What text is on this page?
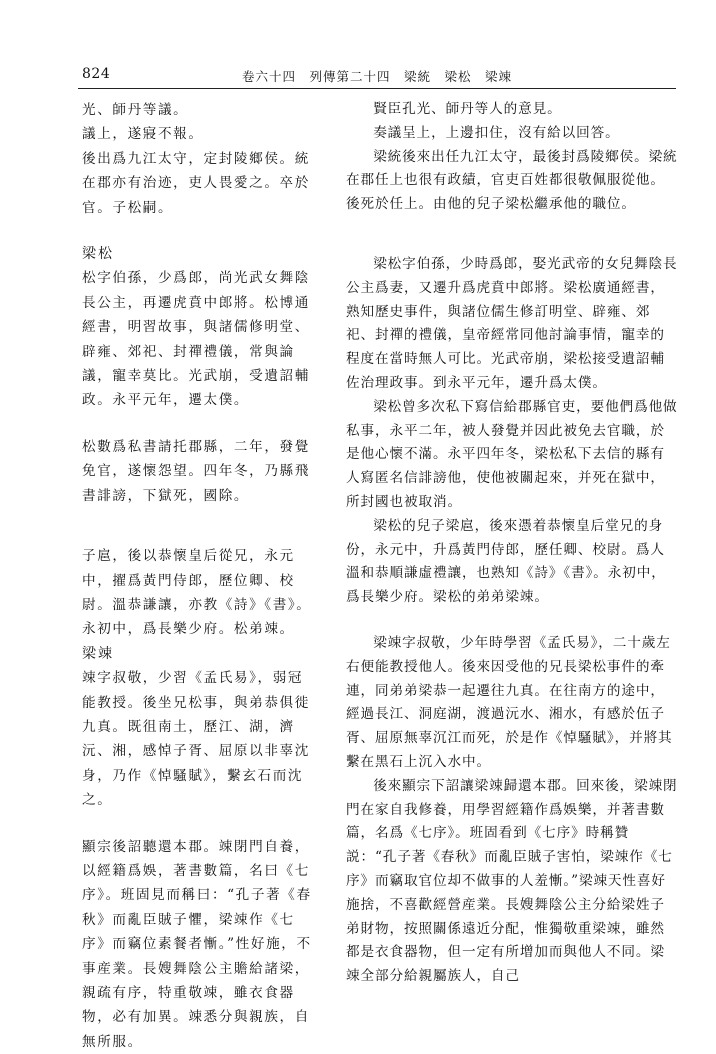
824	卷六十四　列傳第二十四　梁統　梁松　梁竦

光、師丹等議。

議上，遂寢不報。

後出爲九江太守，定封陵鄉侯。統在郡亦有治迹，吏人畏愛之。卒於官。子松嗣。

梁松

松字伯孫，少爲郎，尚光武女舞陰長公主，再遷虎賁中郎將。松博通經書，明習故事，與諸儒修明堂、辟雍、郊祀、封禪禮儀，常與論議，寵幸莫比。光武崩，受遺詔輔政。永平元年，遷太僕。

松數爲私書請托郡縣，二年，發覺免官，遂懷怨望。四年冬，乃縣飛書誹謗，下獄死，國除。

子扈，後以恭懷皇后從兄，永元中，擢爲黃門侍郎，歷位卿、校尉。溫恭謙讓，亦教《詩》《書》。永初中，爲長樂少府。松弟竦。

梁竦

竦字叔敬，少習《孟氏易》，弱冠能教授。後坐兄松事，與弟恭俱徙九真。既徂南土，歷江、湖，濟沅、湘，感悼子胥、屈原以非辜沈身，乃作《悼騷賦》，繫玄石而沈之。

顯宗後詔聽還本郡。竦閉門自養，以經籍爲娛，著書數篇，名曰《七序》。班固見而稱曰：“孔子著《春秋》而亂臣賊子懼，梁竦作《七序》而竊位素餐者慚。”性好施，不事産業。長嫂舞陰公主贍給諸梁，親疏有序，特重敬竦，雖衣食器物，必有加異。竦悉分與親族，自無所服。

賢臣孔光、師丹等人的意見。

奏議呈上，上邊扣住，沒有給以回答。

梁統後來出任九江太守，最後封爲陵鄉侯。梁統在郡任上也很有政績，官吏百姓都很敬佩服從他。後死於任上。由他的兒子梁松繼承他的職位。

梁松字伯孫，少時爲郎，娶光武帝的女兒舞陰長公主爲妻，又遷升爲虎賁中郎將。梁松廣通經書，熟知歷史事件，與諸位儒生修訂明堂、辟雍、郊祀、封禪的禮儀，皇帝經常同他討論事情，寵幸的程度在當時無人可比。光武帝崩，梁松接受遺詔輔佐治理政事。到永平元年，遷升爲太僕。

梁松曾多次私下寫信給郡縣官吏，要他們爲他做私事，永平二年，被人發覺并因此被免去官職，於是他心懷不滿。永平四年冬，梁松私下去信的縣有人寫匿名信誹謗他，使他被關起來，并死在獄中，所封國也被取消。

梁松的兒子梁扈，後來憑着恭懷皇后堂兄的身份，永元中，升爲黃門侍郎，歷任卿、校尉。爲人溫和恭順謙虛禮讓，也熟知《詩》《書》。永初中，爲長樂少府。梁松的弟弟梁竦。

梁竦字叔敬，少年時學習《孟氏易》，二十歲左右便能教授他人。後來因受他的兄長梁松事件的牽連，同弟弟梁恭一起遷往九真。在往南方的途中，經過長江、洞庭湖，渡過沅水、湘水，有感於伍子胥、屈原無辜沉江而死，於是作《悼騷賦》，并將其繫在黑石上沉入水中。

後來顯宗下詔讓梁竦歸還本郡。回來後，梁竦閉門在家自我修養，用學習經籍作爲娛樂，并著書數篇，名爲《七序》。班固看到《七序》時稱贊説：“孔子著《春秋》而亂臣賊子害怕，梁竦作《七序》而竊取官位却不做事的人羞慚。”梁竦天性喜好施捨，不喜歡經營産業。長嫂舞陰公主分給梁姓子弟財物，按照關係遠近分配，惟獨敬重梁竦，雖然都是衣食器物，但一定有所增加而與他人不同。梁竦全部分給親屬族人，自己
